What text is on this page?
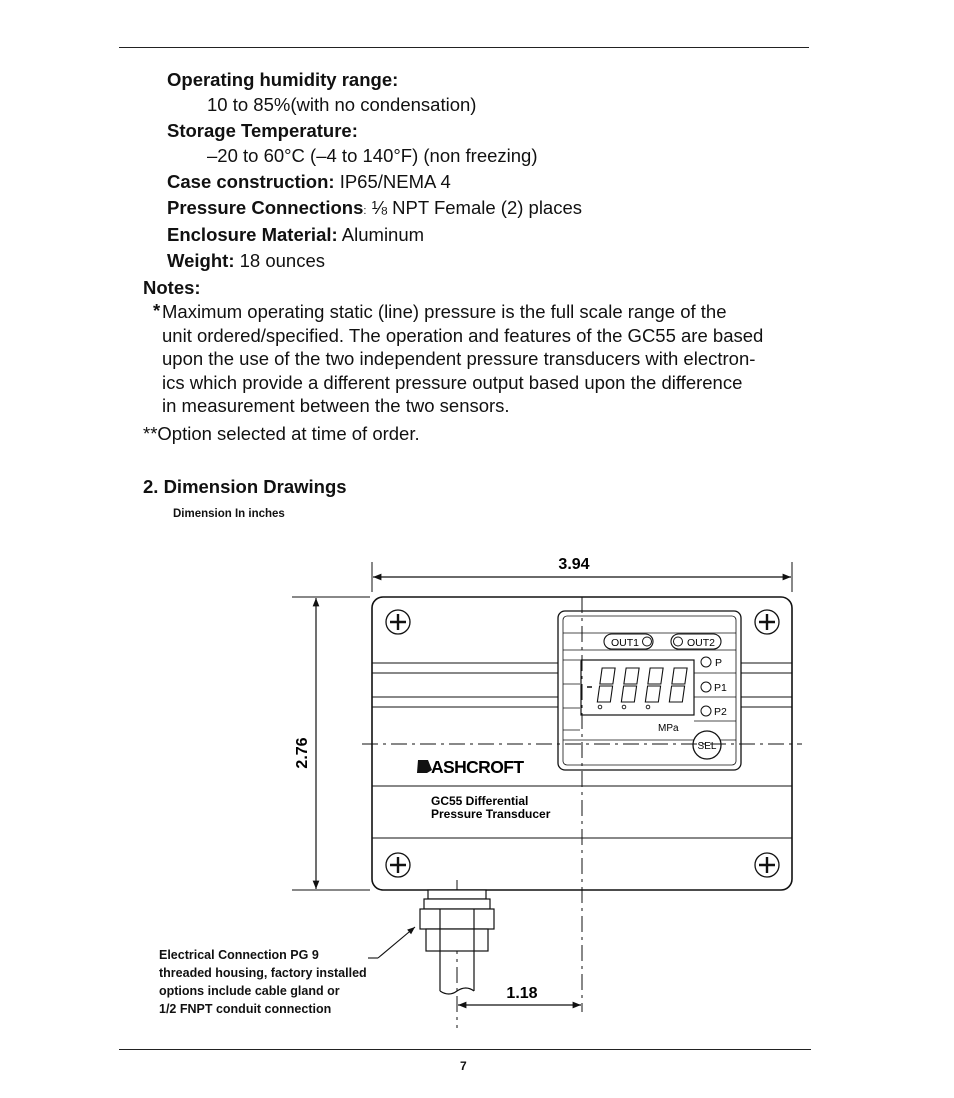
Operating humidity range:
10 to 85%(with no condensation)
Storage Temperature:
–20 to 60°C (–4 to 140°F) (non freezing)
Case construction: IP65/NEMA 4
Pressure Connections: ⅛ NPT Female (2) places
Enclosure Material: Aluminum
Weight: 18 ounces
Notes:
* Maximum operating static (line) pressure is the full scale range of the
unit ordered/specified. The operation and features of the GC55 are based
upon the use of the two independent pressure transducers with electron-
ics which provide a different pressure output based upon the difference
in measurement between the two sensors.
**Option selected at time of order.
2. Dimension Drawings
Dimension In inches
3.94
2.76
OUT1	OUT2
P
P1
P2
MPa
SEL
ASHCROFT
GC55 Differential
Pressure Transducer
1.18
Electrical Connection PG 9
threaded housing, factory installed
options include cable gland or
1/2 FNPT conduit connection
7
